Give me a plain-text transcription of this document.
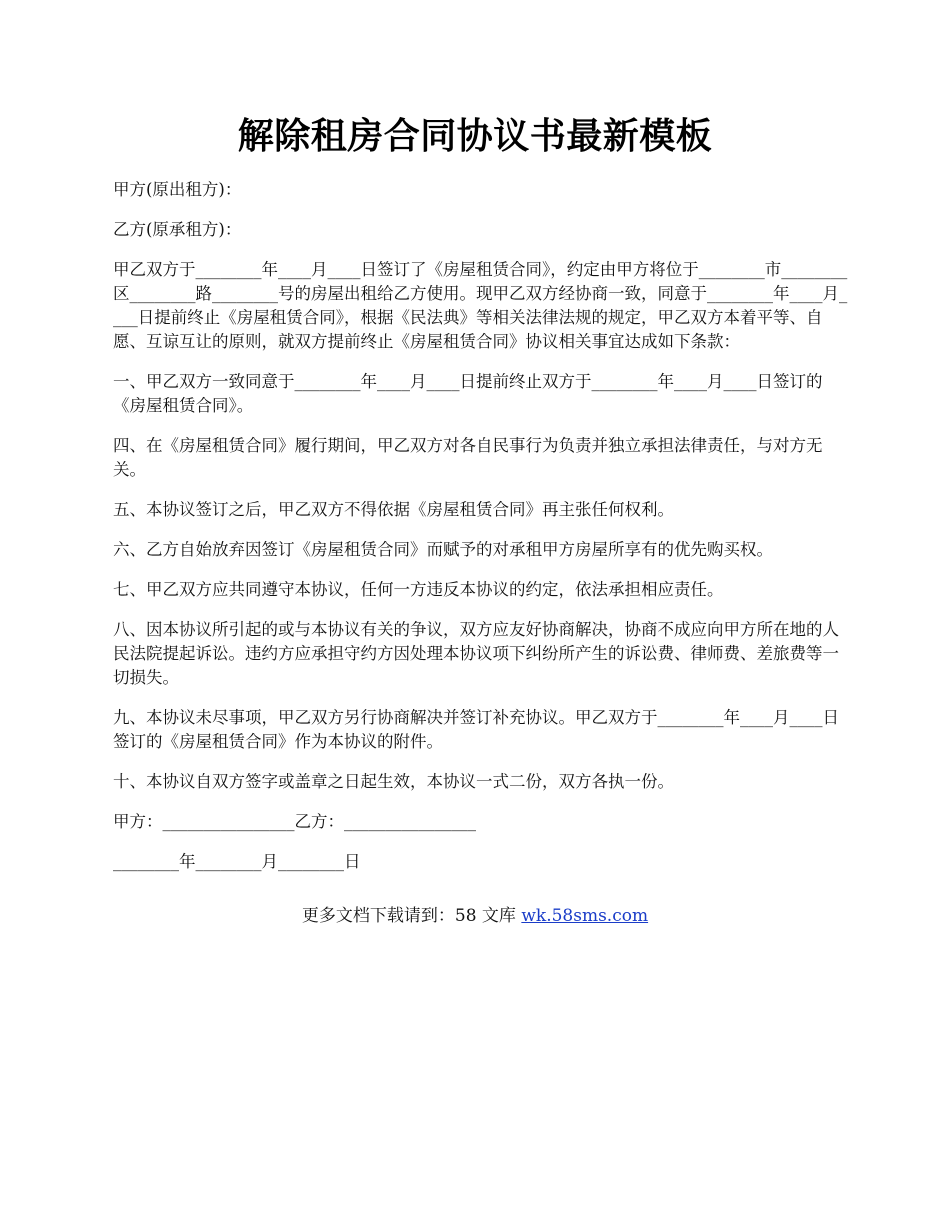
解除租房合同协议书最新模板

甲方(原出租方)：

乙方(原承租方)：

甲乙双方于________年____月____日签订了《房屋租赁合同》，约定由甲方将位于________市________区________路________号的房屋出租给乙方使用。现甲乙双方经协商一致，同意于________年____月____日提前终止《房屋租赁合同》，根据《民法典》等相关法律法规的规定，甲乙双方本着平等、自愿、互谅互让的原则，就双方提前终止《房屋租赁合同》协议相关事宜达成如下条款：

一、甲乙双方一致同意于________年____月____日提前终止双方于________年____月____日签订的《房屋租赁合同》。

四、在《房屋租赁合同》履行期间，甲乙双方对各自民事行为负责并独立承担法律责任，与对方无关。

五、本协议签订之后，甲乙双方不得依据《房屋租赁合同》再主张任何权利。

六、乙方自始放弃因签订《房屋租赁合同》而赋予的对承租甲方房屋所享有的优先购买权。

七、甲乙双方应共同遵守本协议，任何一方违反本协议的约定，依法承担相应责任。

八、因本协议所引起的或与本协议有关的争议，双方应友好协商解决，协商不成应向甲方所在地的人民法院提起诉讼。违约方应承担守约方因处理本协议项下纠纷所产生的诉讼费、律师费、差旅费等一切损失。

九、本协议未尽事项，甲乙双方另行协商解决并签订补充协议。甲乙双方于________年____月____日签订的《房屋租赁合同》作为本协议的附件。

十、本协议自双方签字或盖章之日起生效，本协议一式二份，双方各执一份。

甲方：________________乙方：________________

________年________月________日

更多文档下载请到：58 文库 wk.58sms.com
